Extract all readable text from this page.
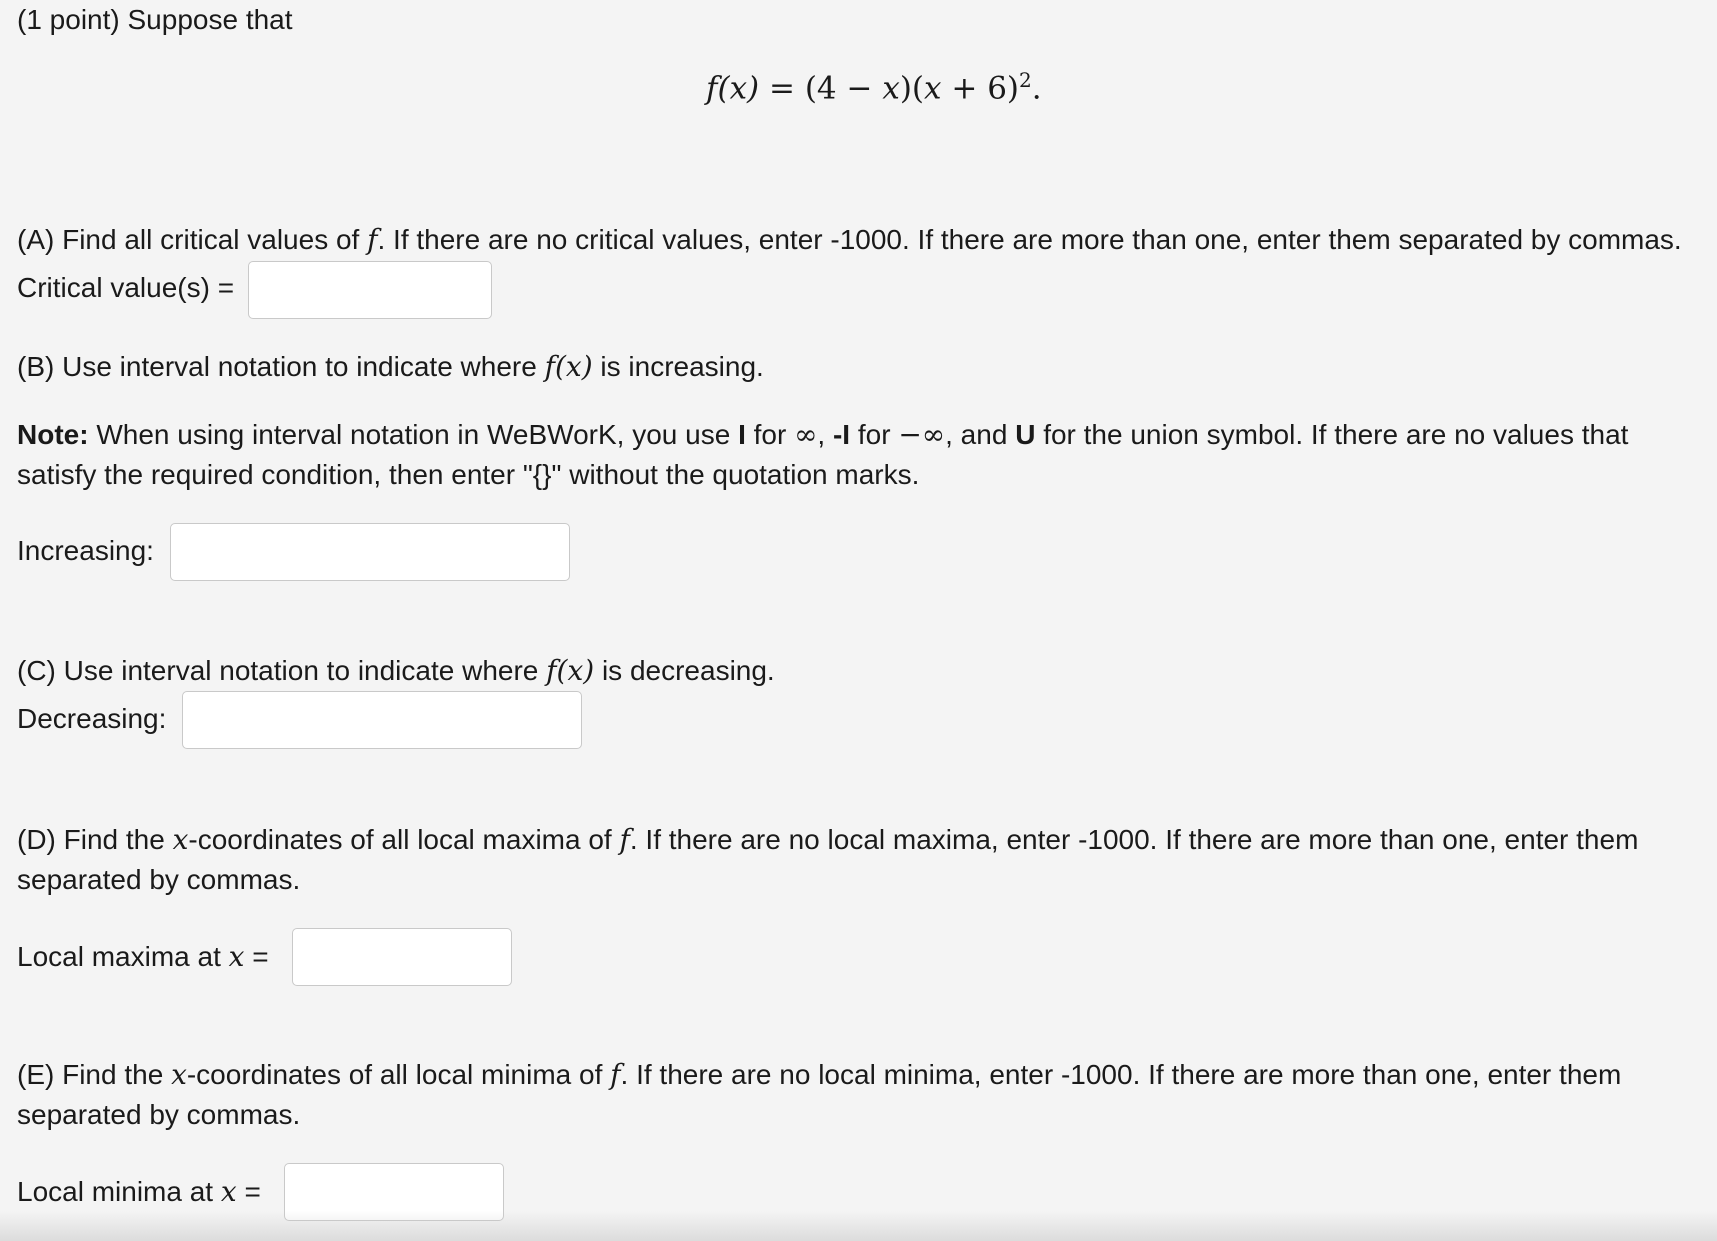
(1 point) Suppose that
$f(x) = (4 - x)(x + 6)^2$.
(A) Find all critical values of f. If there are no critical values, enter -1000. If there are more than one, enter them separated by commas.
Critical value(s) =
(B) Use interval notation to indicate where f(x) is increasing.
Note: When using interval notation in WeBWorK, you use I for ∞, -I for −∞, and U for the union symbol. If there are no values that
satisfy the required condition, then enter "{}" without the quotation marks.
Increasing:
(C) Use interval notation to indicate where f(x) is decreasing.
Decreasing:
(D) Find the x-coordinates of all local maxima of f. If there are no local maxima, enter -1000. If there are more than one, enter them
separated by commas.
Local maxima at x =
(E) Find the x-coordinates of all local minima of f. If there are no local minima, enter -1000. If there are more than one, enter them
separated by commas.
Local minima at x =
